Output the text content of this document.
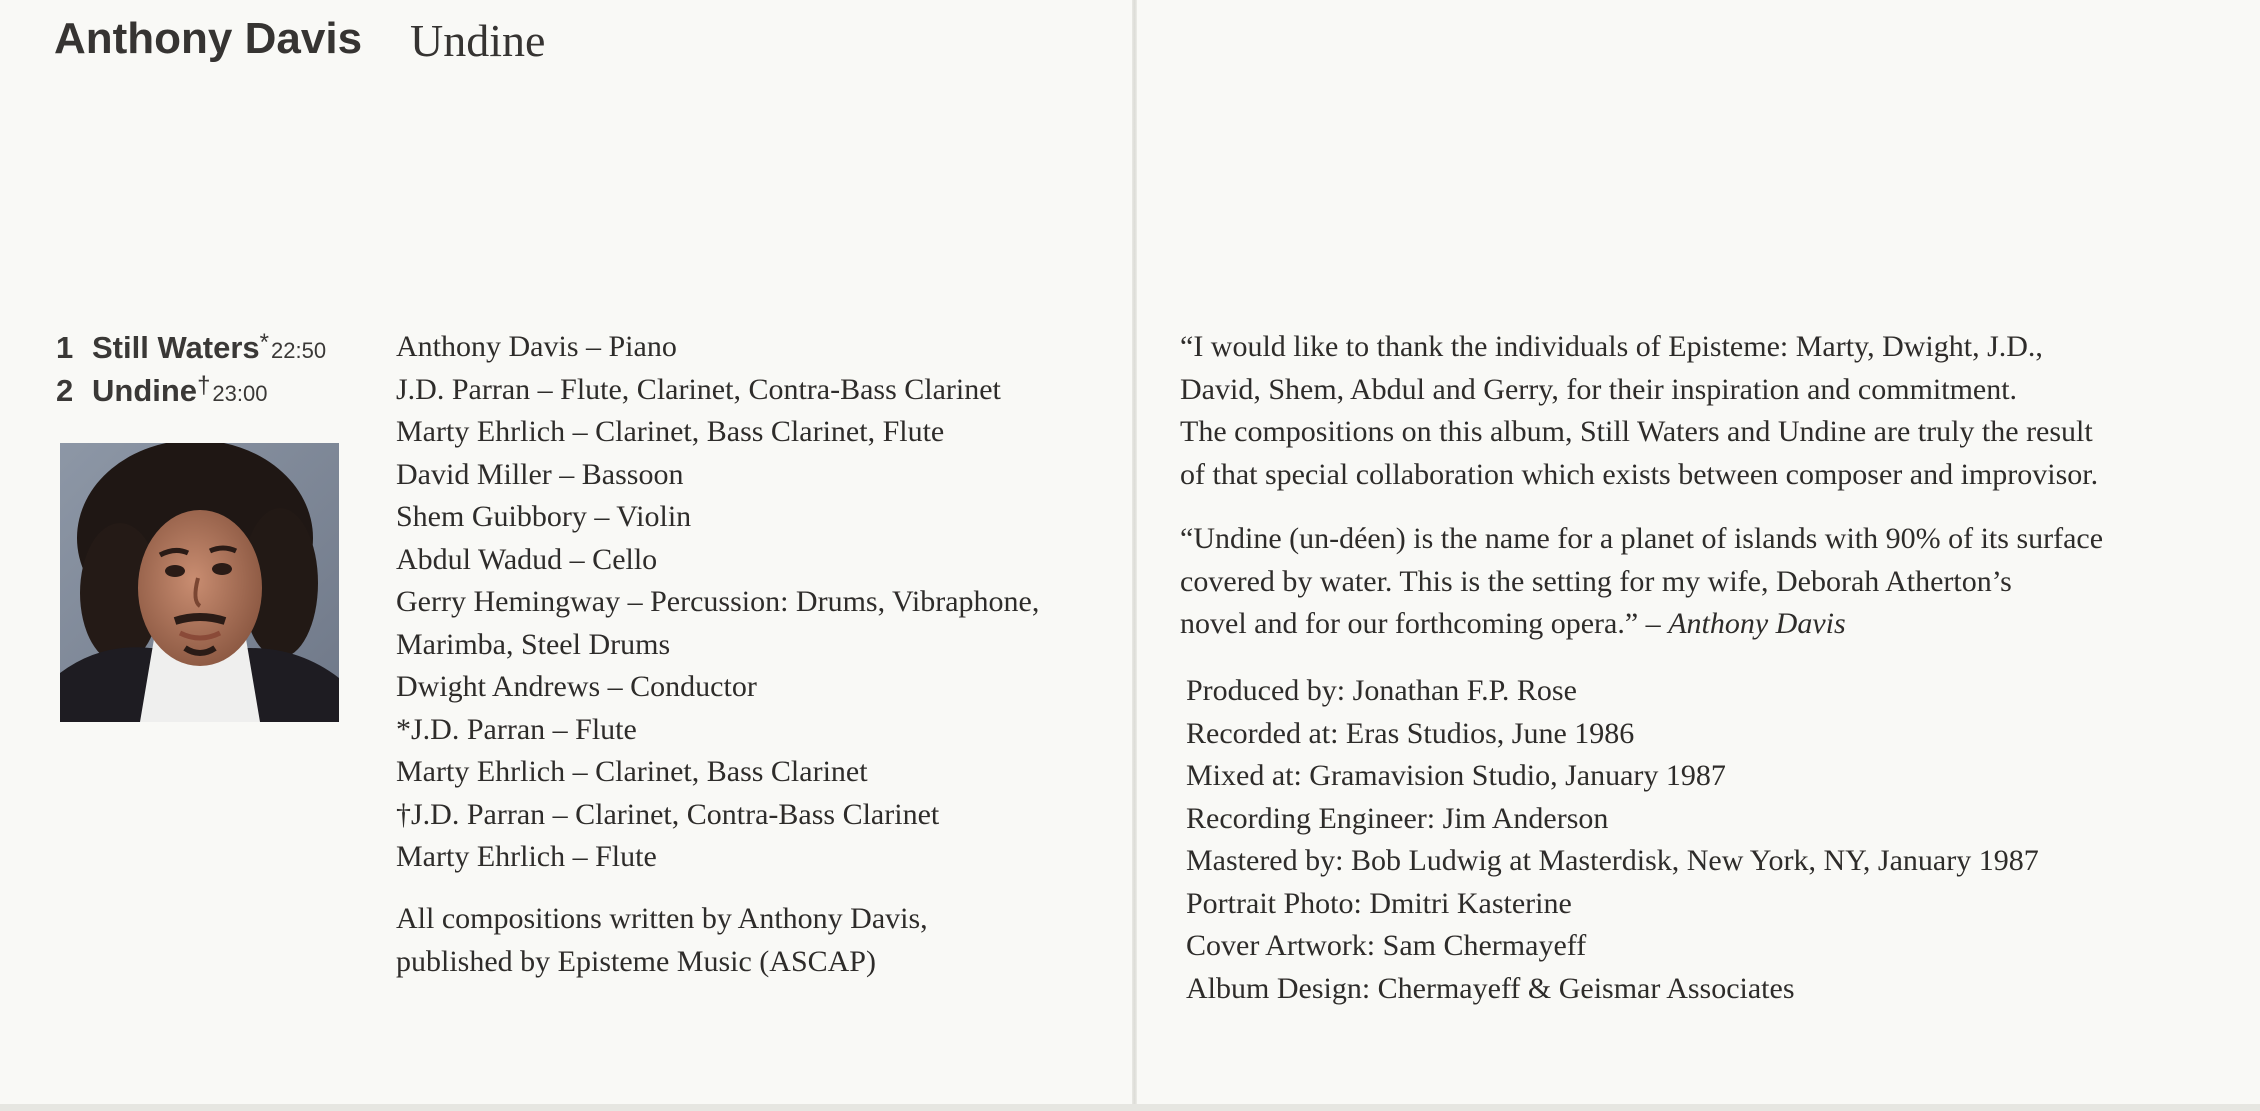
Anthony Davis Undine
1 Still Waters*22:50
2 Undine†23:00
Anthony Davis – Piano
J.D. Parran – Flute, Clarinet, Contra-Bass Clarinet
Marty Ehrlich – Clarinet, Bass Clarinet, Flute
David Miller – Bassoon
Shem Guibbory – Violin
Abdul Wadud – Cello
Gerry Hemingway – Percussion: Drums, Vibraphone,
Marimba, Steel Drums
Dwight Andrews – Conductor
*J.D. Parran – Flute
Marty Ehrlich – Clarinet, Bass Clarinet
†J.D. Parran – Clarinet, Contra-Bass Clarinet
Marty Ehrlich – Flute
All compositions written by Anthony Davis,
published by Episteme Music (ASCAP)
“I would like to thank the individuals of Episteme: Marty, Dwight, J.D.,
David, Shem, Abdul and Gerry, for their inspiration and commitment.
The compositions on this album, Still Waters and Undine are truly the result
of that special collaboration which exists between composer and improvisor.
“Undine (un-déen) is the name for a planet of islands with 90% of its surface
covered by water. This is the setting for my wife, Deborah Atherton’s
novel and for our forthcoming opera.” – Anthony Davis
Produced by: Jonathan F.P. Rose
Recorded at: Eras Studios, June 1986
Mixed at: Gramavision Studio, January 1987
Recording Engineer: Jim Anderson
Mastered by: Bob Ludwig at Masterdisk, New York, NY, January 1987
Portrait Photo: Dmitri Kasterine
Cover Artwork: Sam Chermayeff
Album Design: Chermayeff & Geismar Associates
